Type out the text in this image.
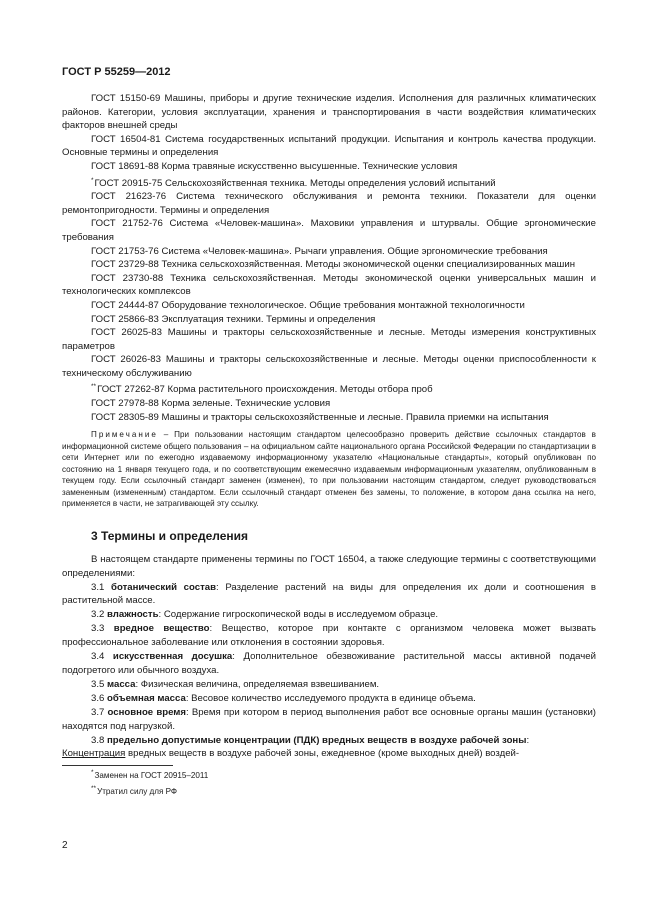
ГОСТ Р 55259—2012

ГОСТ 15150-69 Машины, приборы и другие технические изделия. Исполнения для различных климатических районов. Категории, условия эксплуатации, хранения и транспортирования в части воздействия климатических факторов внешней среды

ГОСТ 16504-81 Система государственных испытаний продукции. Испытания и контроль качества продукции. Основные термины и определения

ГОСТ 18691-88 Корма травяные искусственно высушенные. Технические условия

*ГОСТ 20915-75 Сельскохозяйственная техника. Методы определения условий испытаний

ГОСТ 21623-76 Система технического обслуживания и ремонта техники. Показатели для оценки ремонтопригодности. Термины и определения

ГОСТ 21752-76 Система «Человек-машина». Маховики управления и штурвалы. Общие эргономические требования

ГОСТ 21753-76 Система «Человек-машина». Рычаги управления. Общие эргономические требования

ГОСТ 23729-88 Техника сельскохозяйственная. Методы экономической оценки специализированных машин

ГОСТ 23730-88 Техника сельскохозяйственная. Методы экономической оценки универсальных машин и технологических комплексов

ГОСТ 24444-87 Оборудование технологическое. Общие требования монтажной технологичности

ГОСТ 25866-83 Эксплуатация техники. Термины и определения

ГОСТ 26025-83 Машины и тракторы сельскохозяйственные и лесные. Методы измерения конструктивных параметров

ГОСТ 26026-83 Машины и тракторы сельскохозяйственные и лесные. Методы оценки приспособленности к техническому обслуживанию

**ГОСТ 27262-87 Корма растительного происхождения. Методы отбора проб

ГОСТ 27978-88 Корма зеленые. Технические условия

ГОСТ 28305-89 Машины и тракторы сельскохозяйственные и лесные. Правила приемки на испытания

Примечание – При пользовании настоящим стандартом целесообразно проверить действие ссылочных стандартов в информационной системе общего пользования – на официальном сайте национального органа Российской Федерации по стандартизации в сети Интернет или по ежегодно издаваемому информационному указателю «Национальные стандарты», который опубликован по состоянию на 1 января текущего года, и по соответствующим ежемесячно издаваемым информационным указателям, опубликованным в текущем году. Если ссылочный стандарт заменен (изменен), то при пользовании настоящим стандартом, следует руководствоваться замененным (измененным) стандартом. Если ссылочный стандарт отменен без замены, то положение, в котором дана ссылка на него, применяется в части, не затрагивающей эту ссылку.

3 Термины и определения

В настоящем стандарте применены термины по ГОСТ 16504, а также следующие термины с соответствующими определениями:

3.1 ботанический состав: Разделение растений на виды для определения их доли и соотношения в растительной массе.

3.2 влажность: Содержание гигроскопической воды в исследуемом образце.

3.3 вредное вещество: Вещество, которое при контакте с организмом человека может вызвать профессиональное заболевание или отклонения в состоянии здоровья.

3.4 искусственная досушка: Дополнительное обезвоживание растительной массы активной подачей подогретого или обычного воздуха.

3.5 масса: Физическая величина, определяемая взвешиванием.

3.6 объемная масса: Весовое количество исследуемого продукта в единице объема.

3.7 основное время: Время при котором в период выполнения работ все основные органы машин (установки) находятся под нагрузкой.

3.8 предельно допустимые концентрации (ПДК) вредных веществ в воздухе рабочей зоны:

Концентрация вредных веществ в воздухе рабочей зоны, ежедневное (кроме выходных дней) воздей-

*Заменен на ГОСТ 20915–2011

**Утратил силу для РФ

2
